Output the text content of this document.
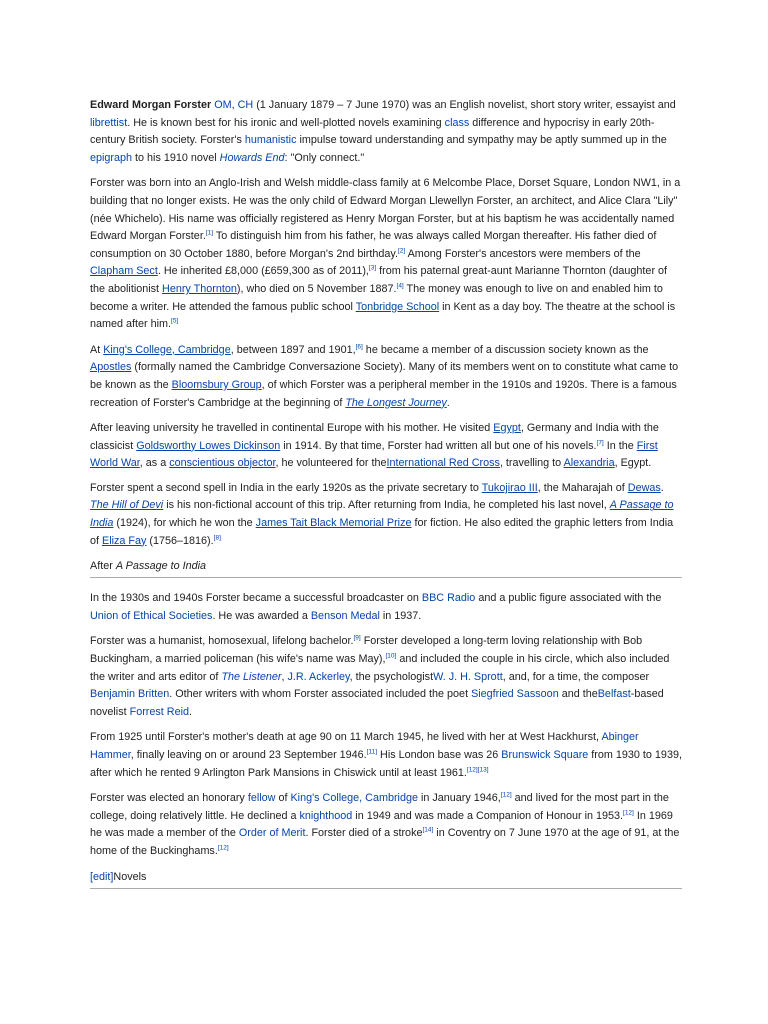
Edward Morgan Forster OM, CH (1 January 1879 – 7 June 1970) was an English novelist, short story writer, essayist and librettist. He is known best for his ironic and well-plotted novels examining class difference and hypocrisy in early 20th-century British society. Forster's humanistic impulse toward understanding and sympathy may be aptly summed up in the epigraph to his 1910 novel Howards End: "Only connect."

Forster was born into an Anglo-Irish and Welsh middle-class family at 6 Melcombe Place, Dorset Square, London NW1, in a building that no longer exists. He was the only child of Edward Morgan Llewellyn Forster, an architect, and Alice Clara "Lily" (née Whichelo). His name was officially registered as Henry Morgan Forster, but at his baptism he was accidentally named Edward Morgan Forster.[1] To distinguish him from his father, he was always called Morgan thereafter. His father died of consumption on 30 October 1880, before Morgan's 2nd birthday.[2] Among Forster's ancestors were members of the Clapham Sect. He inherited £8,000 (£659,300 as of 2011),[3] from his paternal great-aunt Marianne Thornton (daughter of the abolitionist Henry Thornton), who died on 5 November 1887.[4] The money was enough to live on and enabled him to become a writer. He attended the famous public school Tonbridge School in Kent as a day boy. The theatre at the school is named after him.[5]

At King's College, Cambridge, between 1897 and 1901,[6] he became a member of a discussion society known as the Apostles (formally named the Cambridge Conversazione Society). Many of its members went on to constitute what came to be known as the Bloomsbury Group, of which Forster was a peripheral member in the 1910s and 1920s. There is a famous recreation of Forster's Cambridge at the beginning of The Longest Journey.

After leaving university he travelled in continental Europe with his mother. He visited Egypt, Germany and India with the classicist Goldsworthy Lowes Dickinson in 1914. By that time, Forster had written all but one of his novels.[7] In the First World War, as a conscientious objector, he volunteered for theInternational Red Cross, travelling to Alexandria, Egypt.

Forster spent a second spell in India in the early 1920s as the private secretary to Tukojirao III, the Maharajah of Dewas. The Hill of Devi is his non-fictional account of this trip. After returning from India, he completed his last novel, A Passage to India (1924), for which he won the James Tait Black Memorial Prize for fiction. He also edited the graphic letters from India of Eliza Fay (1756–1816).[8]

After A Passage to India

In the 1930s and 1940s Forster became a successful broadcaster on BBC Radio and a public figure associated with the Union of Ethical Societies. He was awarded a Benson Medal in 1937.

Forster was a humanist, homosexual, lifelong bachelor.[9] Forster developed a long-term loving relationship with Bob Buckingham, a married policeman (his wife's name was May),[10] and included the couple in his circle, which also included the writer and arts editor of The Listener, J.R. Ackerley, the psychologistW. J. H. Sprott, and, for a time, the composer Benjamin Britten. Other writers with whom Forster associated included the poet Siegfried Sassoon and theBelfast-based novelist Forrest Reid.

From 1925 until Forster's mother's death at age 90 on 11 March 1945, he lived with her at West Hackhurst, Abinger Hammer, finally leaving on or around 23 September 1946.[11] His London base was 26 Brunswick Square from 1930 to 1939, after which he rented 9 Arlington Park Mansions in Chiswick until at least 1961.[12][13]

Forster was elected an honorary fellow of King's College, Cambridge in January 1946,[12] and lived for the most part in the college, doing relatively little. He declined a knighthood in 1949 and was made a Companion of Honour in 1953.[12] In 1969 he was made a member of the Order of Merit. Forster died of a stroke[14] in Coventry on 7 June 1970 at the age of 91, at the home of the Buckinghams.[12]

[edit]Novels
